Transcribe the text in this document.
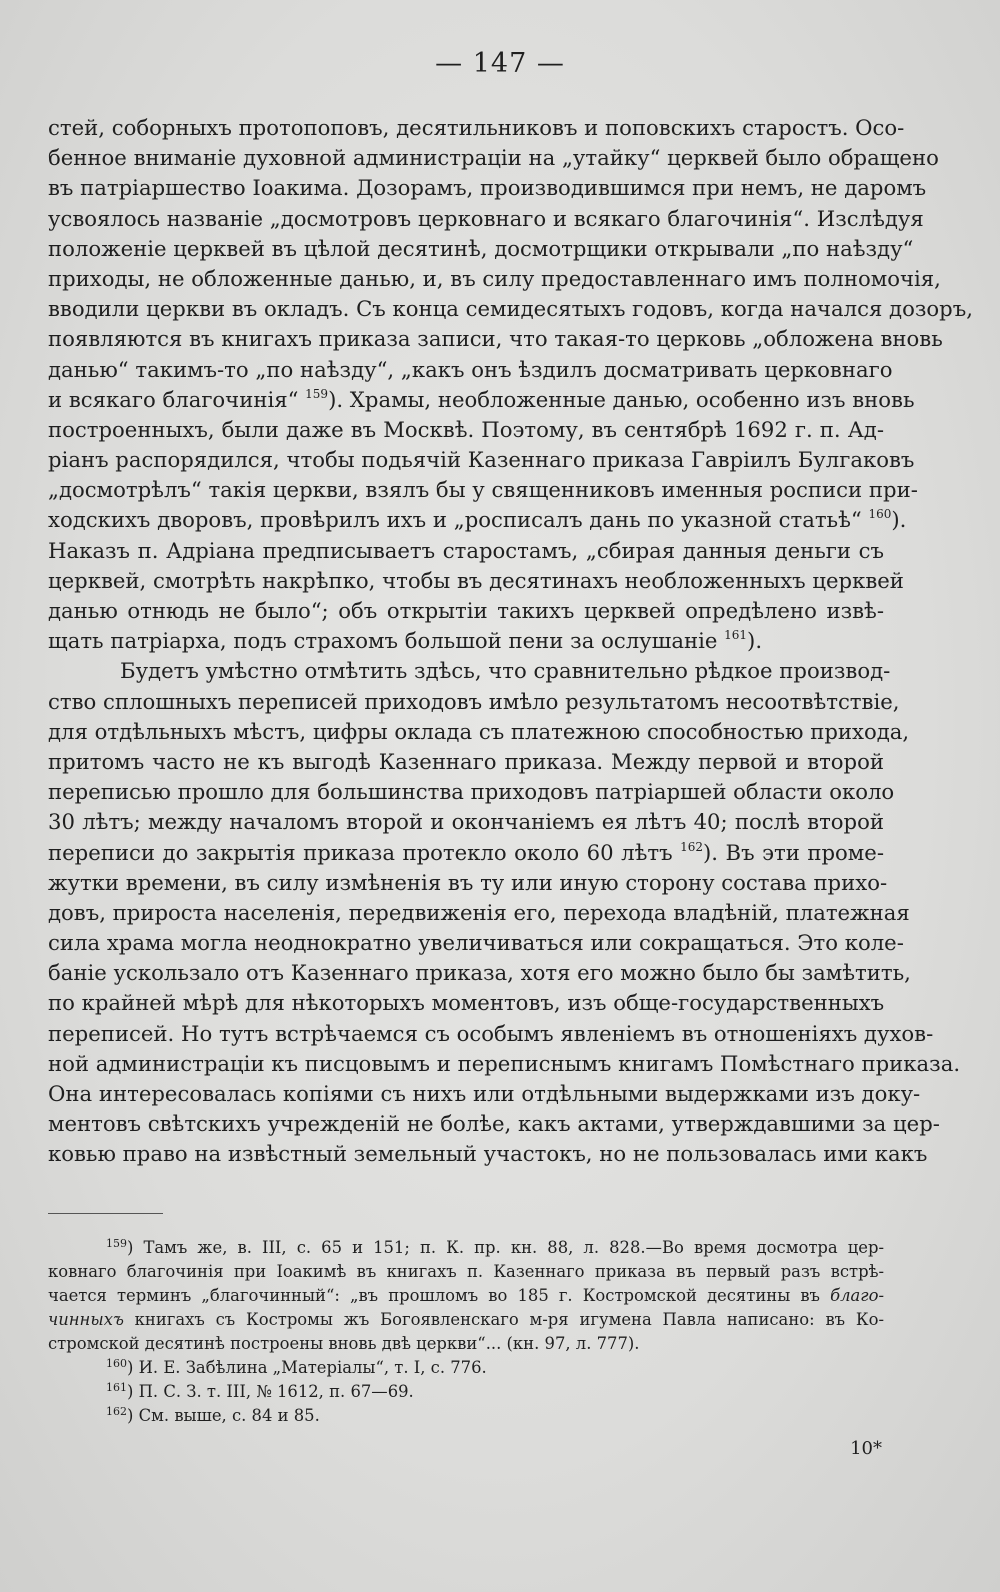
— 147 —
стей, соборныхъ протопоповъ, десятильниковъ и поповскихъ старостъ. Осо-
бенное вниманіе духовной администраціи на „утайку“ церквей было обращено
въ патріаршество Іоакима. Дозорамъ, производившимся при немъ, не даромъ
усвоялось названіе „досмотровъ церковнаго и всякаго благочинія“. Изслѣдуя
положеніе церквей въ цѣлой десятинѣ, досмотрщики открывали „по наѣзду“
приходы, не обложенные данью, и, въ силу предоставленнаго имъ полномочія,
вводили церкви въ окладъ. Съ конца семидесятыхъ годовъ, когда начался дозоръ,
появляются въ книгахъ приказа записи, что такая-то церковь „обложена вновь
данью“ такимъ-то „по наѣзду“, „какъ онъ ѣздилъ досматривать церковнаго
и всякаго благочинія“ $^{159}$). Храмы, необложенные данью, особенно изъ вновь
построенныхъ, были даже въ Москвѣ. Поэтому, въ сентябрѣ 1692 г. п. Ад-
ріанъ распорядился, чтобы подьячій Казеннаго приказа Гавріилъ Булгаковъ
„досмотрѣлъ“ такія церкви, взялъ бы у священниковъ именныя росписи при-
ходскихъ дворовъ, провѣрилъ ихъ и „росписалъ дань по указной статьѣ“ $^{160}$).
Наказъ п. Адріана предписываетъ старостамъ, „сбирая данныя деньги съ
церквей, смотрѣть накрѣпко, чтобы въ десятинахъ необложенныхъ церквей
данью отнюдь не было“; объ открытіи такихъ церквей опредѣлено извѣ-
щать патріарха, подъ страхомъ большой пени за ослушаніе $^{161}$).
Будетъ умѣстно отмѣтить здѣсь, что сравнительно рѣдкое производ-
ство сплошныхъ переписей приходовъ имѣло результатомъ несоотвѣтствіе,
для отдѣльныхъ мѣстъ, цифры оклада съ платежною способностью прихода,
притомъ часто не къ выгодѣ Казеннаго приказа. Между первой и второй
переписью прошло для большинства приходовъ патріаршей области около
30 лѣтъ; между началомъ второй и окончаніемъ ея лѣтъ 40; послѣ второй
переписи до закрытія приказа протекло около 60 лѣтъ $^{162}$). Въ эти проме-
жутки времени, въ силу измѣненія въ ту или иную сторону состава прихо-
довъ, прироста населенія, передвиженія его, перехода владѣній, платежная
сила храма могла неоднократно увеличиваться или сокращаться. Это коле-
баніе ускользало отъ Казеннаго приказа, хотя его можно было бы замѣтить,
по крайней мѣрѣ для нѣкоторыхъ моментовъ, изъ обще-государственныхъ
переписей. Но тутъ встрѣчаемся съ особымъ явленіемъ въ отношеніяхъ духов-
ной администраціи къ писцовымъ и переписнымъ книгамъ Помѣстнаго приказа.
Она интересовалась копіями съ нихъ или отдѣльными выдержками изъ доку-
ментовъ свѣтскихъ учрежденій не болѣе, какъ актами, утверждавшими за цер-
ковью право на извѣстный земельный участокъ, но не пользовалась ими какъ
$^{159}$) Тамъ же, в. III, с. 65 и 151; п. К. пр. кн. 88, л. 828.—Во время досмотра цер-
ковнаго благочинія при Іоакимѣ въ книгахъ п. Казеннаго приказа въ первый разъ встрѣ-
чается терминъ „благочинный“: „въ прошломъ во 185 г. Костромской десятины въ благо-
чинныхъ книгахъ съ Костромы жъ Богоявленскаго м-ря игумена Павла написано: въ Ко-
стромской десятинѣ построены вновь двѣ церкви“... (кн. 97, л. 777).
$^{160}$) И. Е. Забѣлина „Матеріалы“, т. I, с. 776.
$^{161}$) П. С. З. т. III, № 1612, п. 67—69.
$^{162}$) См. выше, с. 84 и 85.
10*
